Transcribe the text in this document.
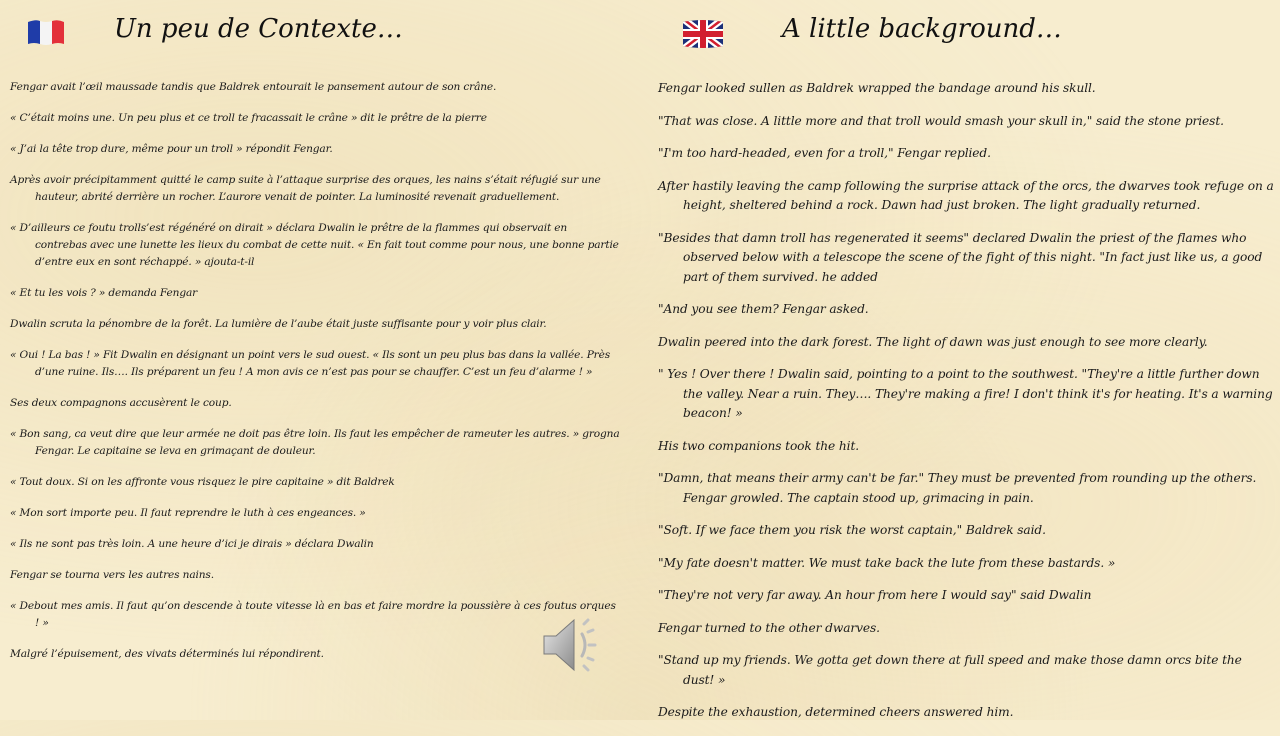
Un peu de Contexte…

Fengar avait l’œil maussade tandis que Baldrek entourait le pansement autour de son crâne.

« C’était moins une. Un peu plus et ce troll te fracassait le crâne » dit le prêtre de la pierre

« J’ai la tête trop dure, même pour un troll » répondit Fengar.

Après avoir précipitamment quitté le camp suite à l’attaque surprise des orques, les nains s’était réfugié sur une hauteur, abrité derrière un rocher. L’aurore venait de pointer. La luminosité revenait graduellement.

« D’ailleurs ce foutu trolls’est régénéré on dirait » déclara Dwalin le prêtre de la flammes qui observait en contrebas avec une lunette les lieux du combat de cette nuit. « En fait tout comme pour nous, une bonne partie d’entre eux en sont réchappé. » ajouta-t-il

« Et tu les vois ? » demanda Fengar

Dwalin scruta la pénombre de la forêt. La lumière de l’aube était juste suffisante pour y voir plus clair.

« Oui ! La bas ! » Fit Dwalin en désignant un point vers le sud ouest. « Ils sont un peu plus bas dans la vallée. Près d’une ruine. Ils…. Ils préparent un feu ! A mon avis ce n’est pas pour se chauffer. C’est un feu d’alarme ! »

Ses deux compagnons accusèrent le coup.

« Bon sang, ca veut dire que leur armée ne doit pas être loin. Ils faut les empêcher de rameuter les autres. » grogna Fengar. Le capitaine se leva en grimaçant de douleur.

« Tout doux. Si on les affronte vous risquez le pire capitaine » dit Baldrek

« Mon sort importe peu. Il faut reprendre le luth à ces engeances. »

« Ils ne sont pas très loin. A une heure d’ici je dirais » déclara Dwalin

Fengar se tourna vers les autres nains.

« Debout mes amis. Il faut qu’on descende à toute vitesse là en bas et faire mordre la poussière à ces foutus orques ! »

Malgré l’épuisement, des vivats déterminés lui répondirent.

A little background…

Fengar looked sullen as Baldrek wrapped the bandage around his skull.

"That was close. A little more and that troll would smash your skull in," said the stone priest.

"I'm too hard-headed, even for a troll," Fengar replied.

After hastily leaving the camp following the surprise attack of the orcs, the dwarves took refuge on a height, sheltered behind a rock. Dawn had just broken. The light gradually returned.

"Besides that damn troll has regenerated it seems" declared Dwalin the priest of the flames who observed below with a telescope the scene of the fight of this night. "In fact just like us, a good part of them survived. he added

"And you see them? Fengar asked.

Dwalin peered into the dark forest. The light of dawn was just enough to see more clearly.

" Yes ! Over there ! Dwalin said, pointing to a point to the southwest. "They're a little further down the valley. Near a ruin. They…. They're making a fire! I don't think it's for heating. It's a warning beacon! »

His two companions took the hit.

"Damn, that means their army can't be far." They must be prevented from rounding up the others. Fengar growled. The captain stood up, grimacing in pain.

"Soft. If we face them you risk the worst captain," Baldrek said.

"My fate doesn't matter. We must take back the lute from these bastards. »

"They're not very far away. An hour from here I would say" said Dwalin

Fengar turned to the other dwarves.

"Stand up my friends. We gotta get down there at full speed and make those damn orcs bite the dust! »

Despite the exhaustion, determined cheers answered him.
